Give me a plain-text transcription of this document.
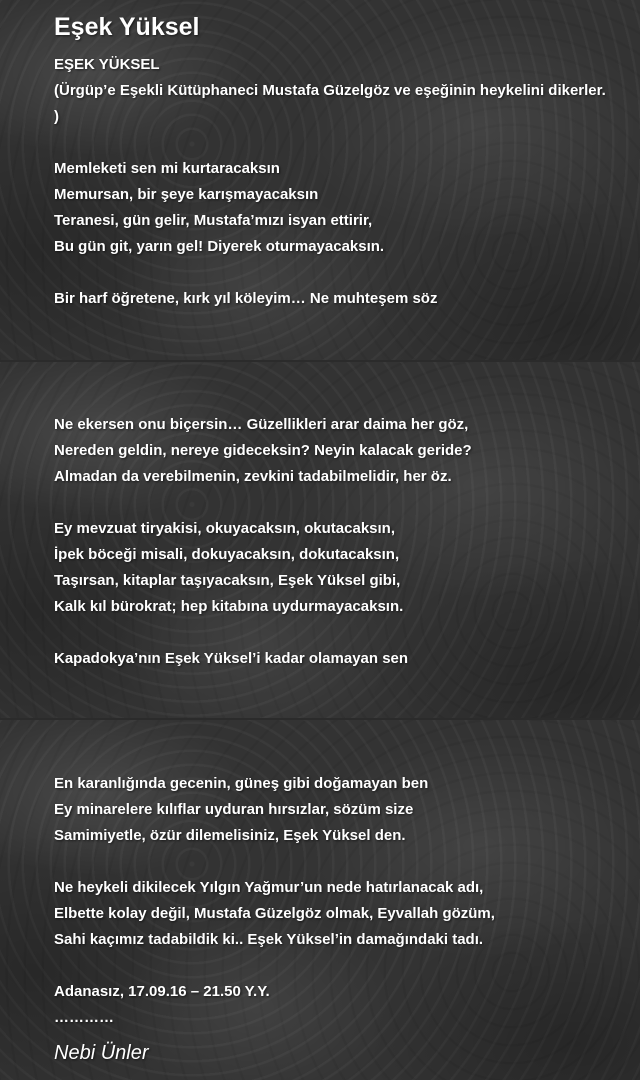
Eşek Yüksel
EŞEK YÜKSEL
(Ürgüp’e Eşekli Kütüphaneci Mustafa Güzelgöz ve eşeğinin heykelini dikerler. )
Memleketi sen mi kurtaracaksın
Memursan, bir şeye karışmayacaksın
Teranesi, gün gelir, Mustafa’mızı isyan ettirir,
Bu gün git, yarın gel! Diyerek oturmayacaksın.
Bir harf öğretene, kırk yıl köleyim… Ne muhteşem söz
Ne ekersen onu biçersin… Güzellikleri arar daima her göz,
Nereden geldin, nereye gideceksin? Neyin kalacak geride?
Almadan da verebilmenin, zevkini tadabilmelidir, her öz.
Ey mevzuat tiryakisi, okuyacaksın, okutacaksın,
İpek böceği misali, dokuyacaksın, dokutacaksın,
Taşırsan, kitaplar taşıyacaksın, Eşek Yüksel gibi,
Kalk kıl bürokrat; hep kitabına uydurmayacaksın.
Kapadokya’nın Eşek Yüksel’i kadar olamayan sen
En karanlığında gecenin, güneş gibi doğamayan ben
Ey minarelere kılıflar uyduran hırsızlar, sözüm size
Samimiyetle, özür dilemelisiniz, Eşek Yüksel den.
Ne heykeli dikilecek Yılgın Yağmur’un nede hatırlanacak adı,
Elbette kolay değil, Mustafa Güzelgöz olmak, Eyvallah gözüm,
Sahi kaçımız tadabildik ki.. Eşek Yüksel’in damağındaki tadı.
Adanasız, 17.09.16 – 21.50 Y.Y.
…………

Nebi Ünler
